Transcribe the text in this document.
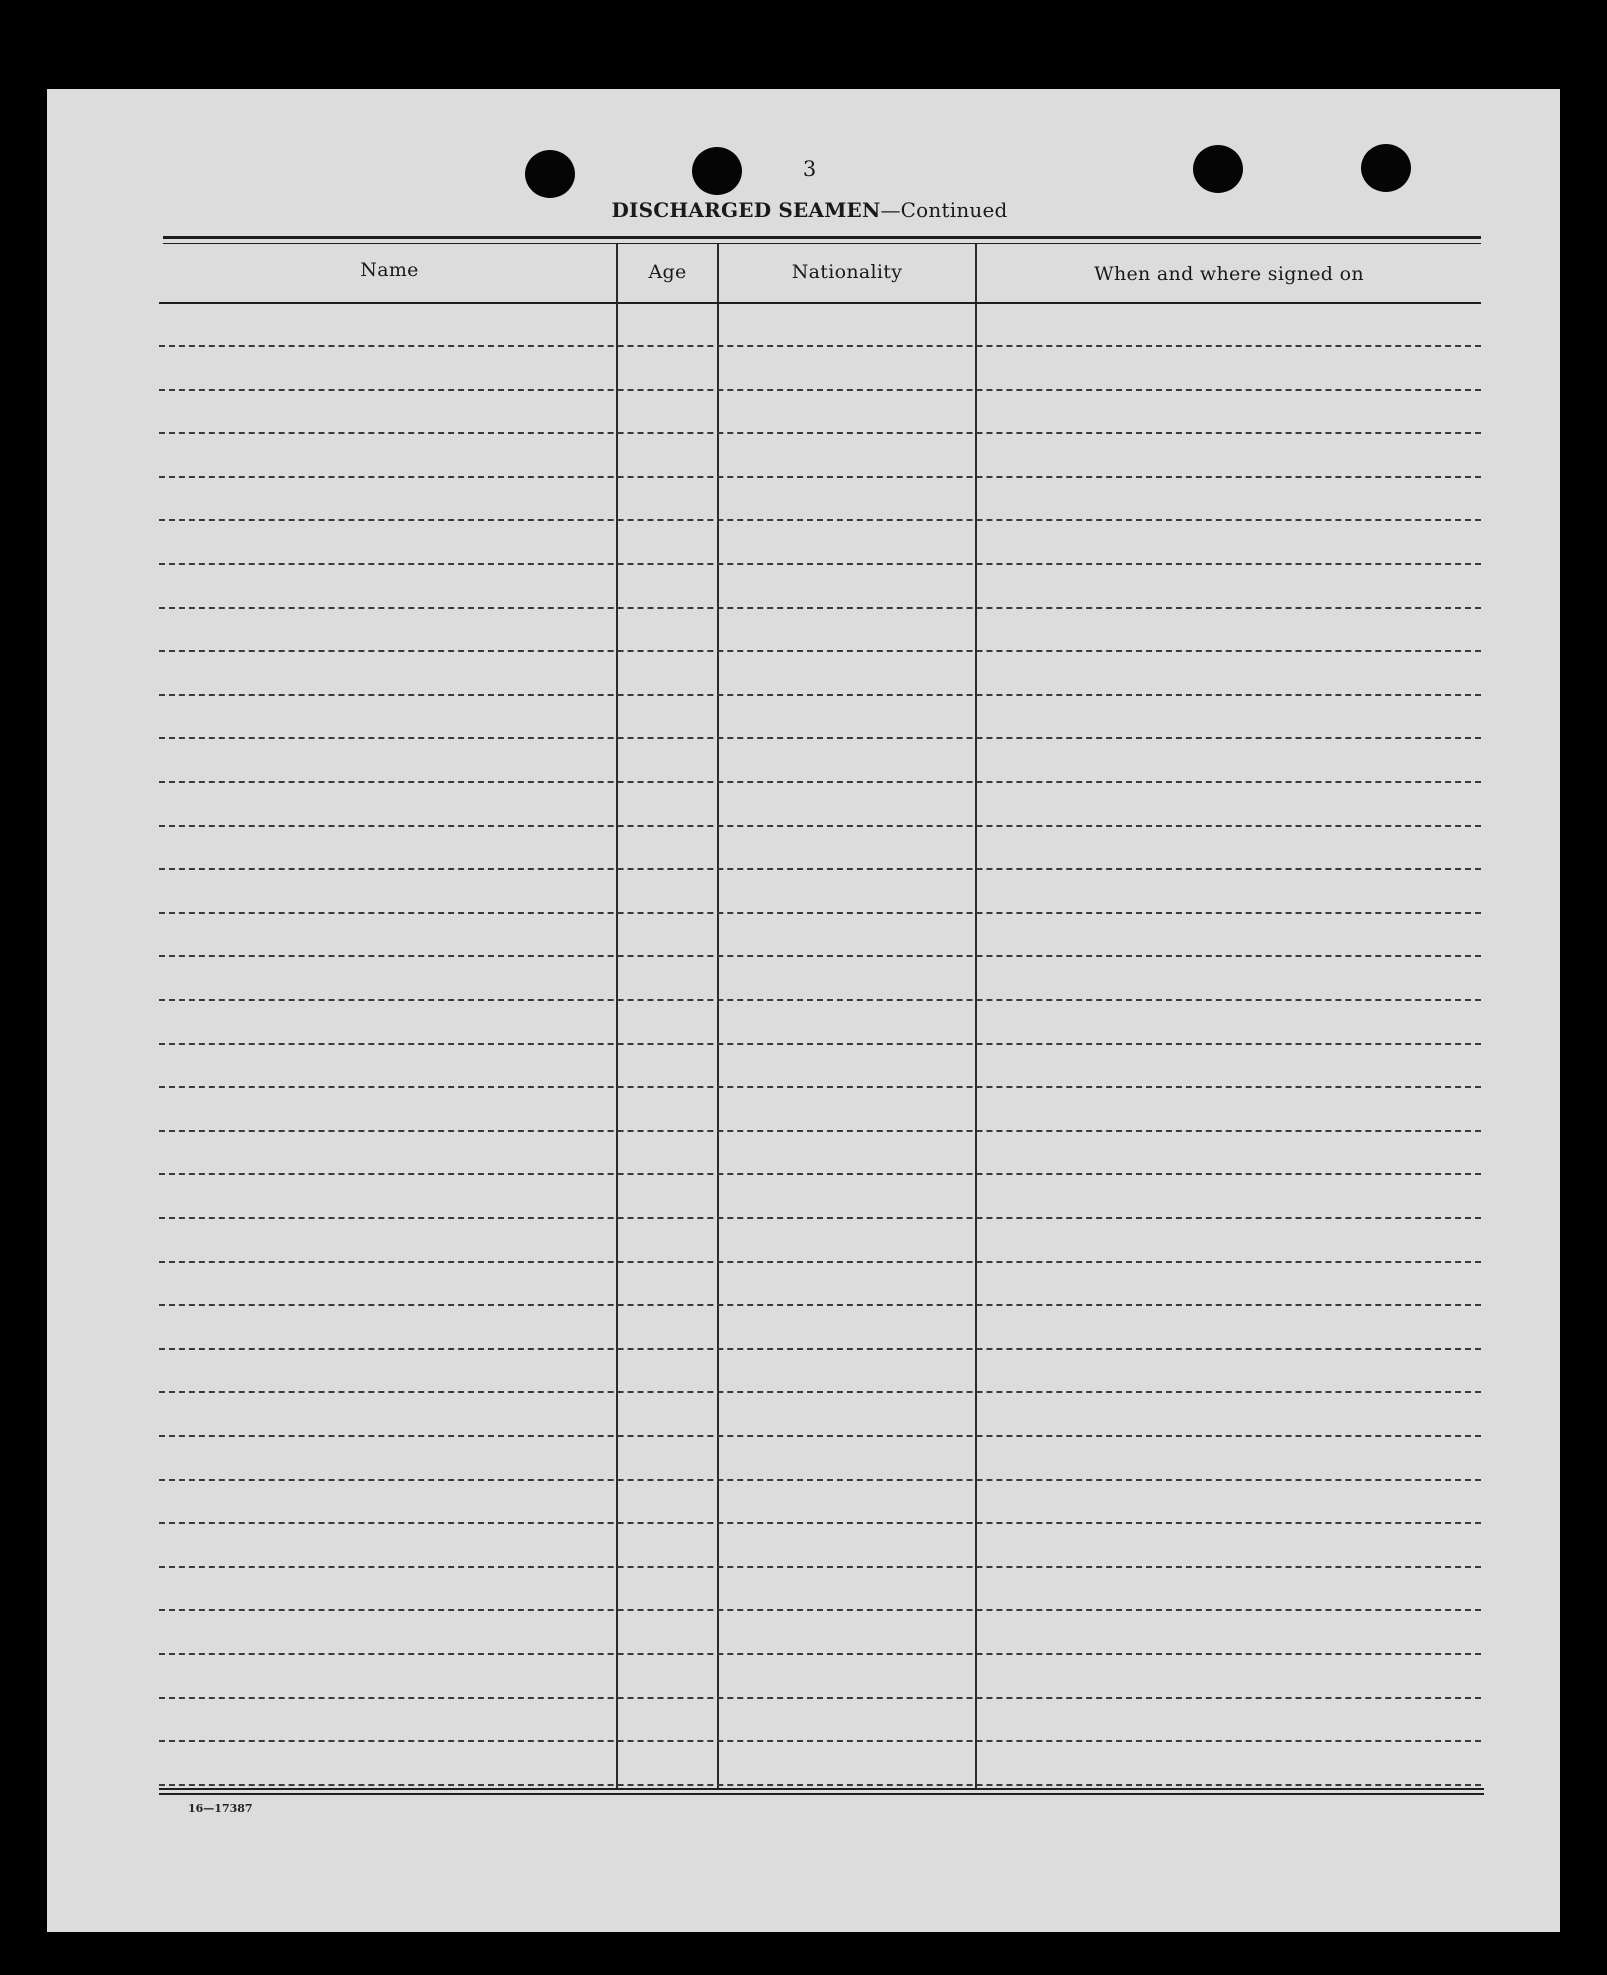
3
DISCHARGED SEAMEN—Continued
Name	Age	Nationality	When and where signed on
16—17387
